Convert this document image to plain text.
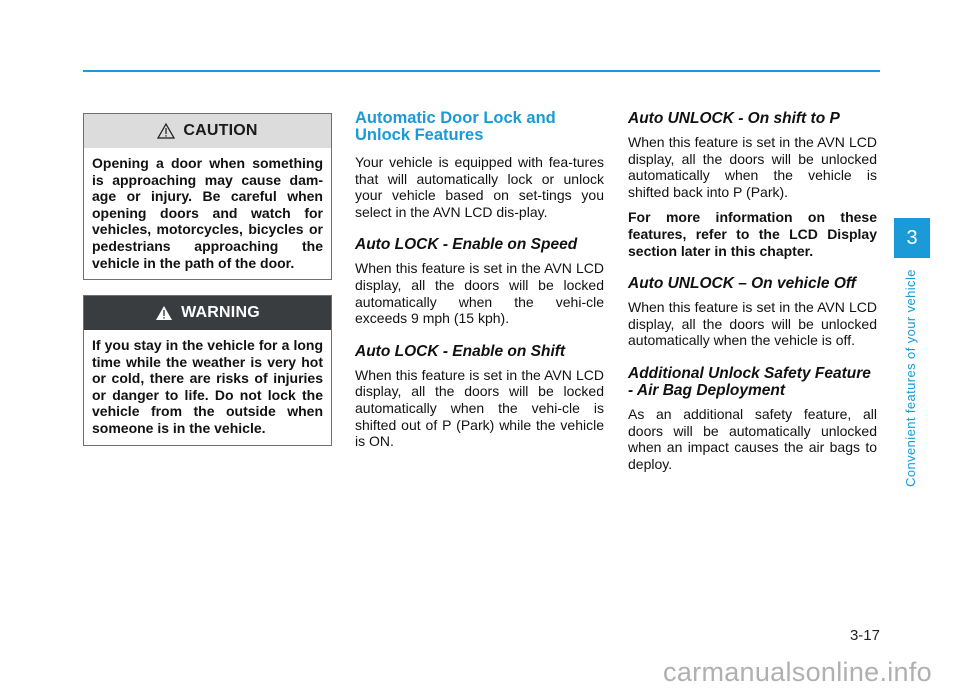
CAUTION
Opening a door when something is approaching may cause dam-age or injury. Be careful when opening doors and watch for vehicles, motorcycles, bicycles or pedestrians approaching the vehicle in the path of the door.
WARNING
If you stay in the vehicle for a long time while the weather is very hot or cold, there are risks of injuries or danger to life. Do not lock the vehicle from the outside when someone is in the vehicle.
Automatic Door Lock and Unlock Features

Your vehicle is equipped with fea-tures that will automatically lock or unlock your vehicle based on set-tings you select in the AVN LCD dis-play.

Auto LOCK - Enable on Speed

When this feature is set in the AVN LCD display, all the doors will be locked automatically when the vehi-cle exceeds 9 mph (15 kph).

Auto LOCK - Enable on Shift

When this feature is set in the AVN LCD display, all the doors will be locked automatically when the vehi-cle is shifted out of P (Park) while the vehicle is ON.

Auto UNLOCK - On shift to P

When this feature is set in the AVN LCD display, all the doors will be unlocked automatically when the vehicle is shifted back into P (Park).

For more information on these features, refer to the LCD Display section later in this chapter.

Auto UNLOCK – On vehicle Off

When this feature is set in the AVN LCD display, all the doors will be unlocked automatically when the vehicle is off.

Additional Unlock Safety Feature - Air Bag Deployment

As an additional safety feature, all doors will be automatically unlocked when an impact causes the air bags to deploy.

3
Convenient features of your vehicle
3-17
carmanualsonline.info
